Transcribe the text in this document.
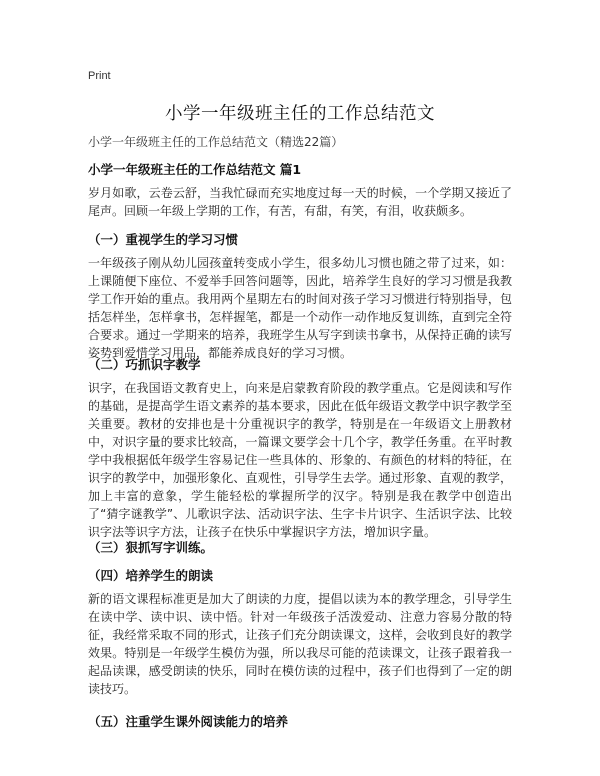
Print
小学一年级班主任的工作总结范文
小学一年级班主任的工作总结范文（精选22篇）
小学一年级班主任的工作总结范文 篇1

岁月如歌，云卷云舒，当我忙碌而充实地度过每一天的时候，一个学期又接近了尾声。回顾一年级上学期的工作，有苦，有甜，有笑，有泪，收获颇多。

（一）重视学生的学习习惯

一年级孩子刚从幼儿园孩童转变成小学生，很多幼儿习惯也随之带了过来，如：上课随便下座位、不爱举手回答问题等，因此，培养学生良好的学习习惯是我教学工作开始的重点。我用两个星期左右的时间对孩子学习习惯进行特别指导，包括怎样坐，怎样拿书，怎样握笔，都是一个动作一动作地反复训练，直到完全符合要求。通过一学期来的培养，我班学生从写字到读书拿书，从保持正确的读写姿势到爱惜学习用品，都能养成良好的学习习惯。

（二）巧抓识字教学

识字，在我国语文教育史上，向来是启蒙教育阶段的教学重点。它是阅读和写作的基础，是提高学生语文素养的基本要求，因此在低年级语文教学中识字教学至关重要。教材的安排也是十分重视识字的教学，特别是在一年级语文上册教材中，对识字量的要求比较高，一篇课文要学会十几个字，教学任务重。在平时教学中我根据低年级学生容易记住一些具体的、形象的、有颜色的材料的特征，在识字的教学中，加强形象化、直观性，引导学生去学。通过形象、直观的教学，加上丰富的意象，学生能轻松的掌握所学的汉字。特别是我在教学中创造出了“猜字谜教学”、儿歌识字法、活动识字法、生字卡片识字、生活识字法、比较识字法等识字方法，让孩子在快乐中掌握识字方法，增加识字量。

（三）狠抓写字训练。
（四）培养学生的朗读

新的语文课程标准更是加大了朗读的力度，提倡以读为本的教学理念，引导学生在读中学、读中识、读中悟。针对一年级孩子活泼爱动、注意力容易分散的特征，我经常采取不同的形式，让孩子们充分朗读课文，这样，会收到良好的教学效果。特别是一年级学生模仿为强，所以我尽可能的范读课文，让孩子跟着我一起品读课，感受朗读的快乐，同时在模仿读的过程中，孩子们也得到了一定的朗读技巧。

（五）注重学生课外阅读能力的培养
